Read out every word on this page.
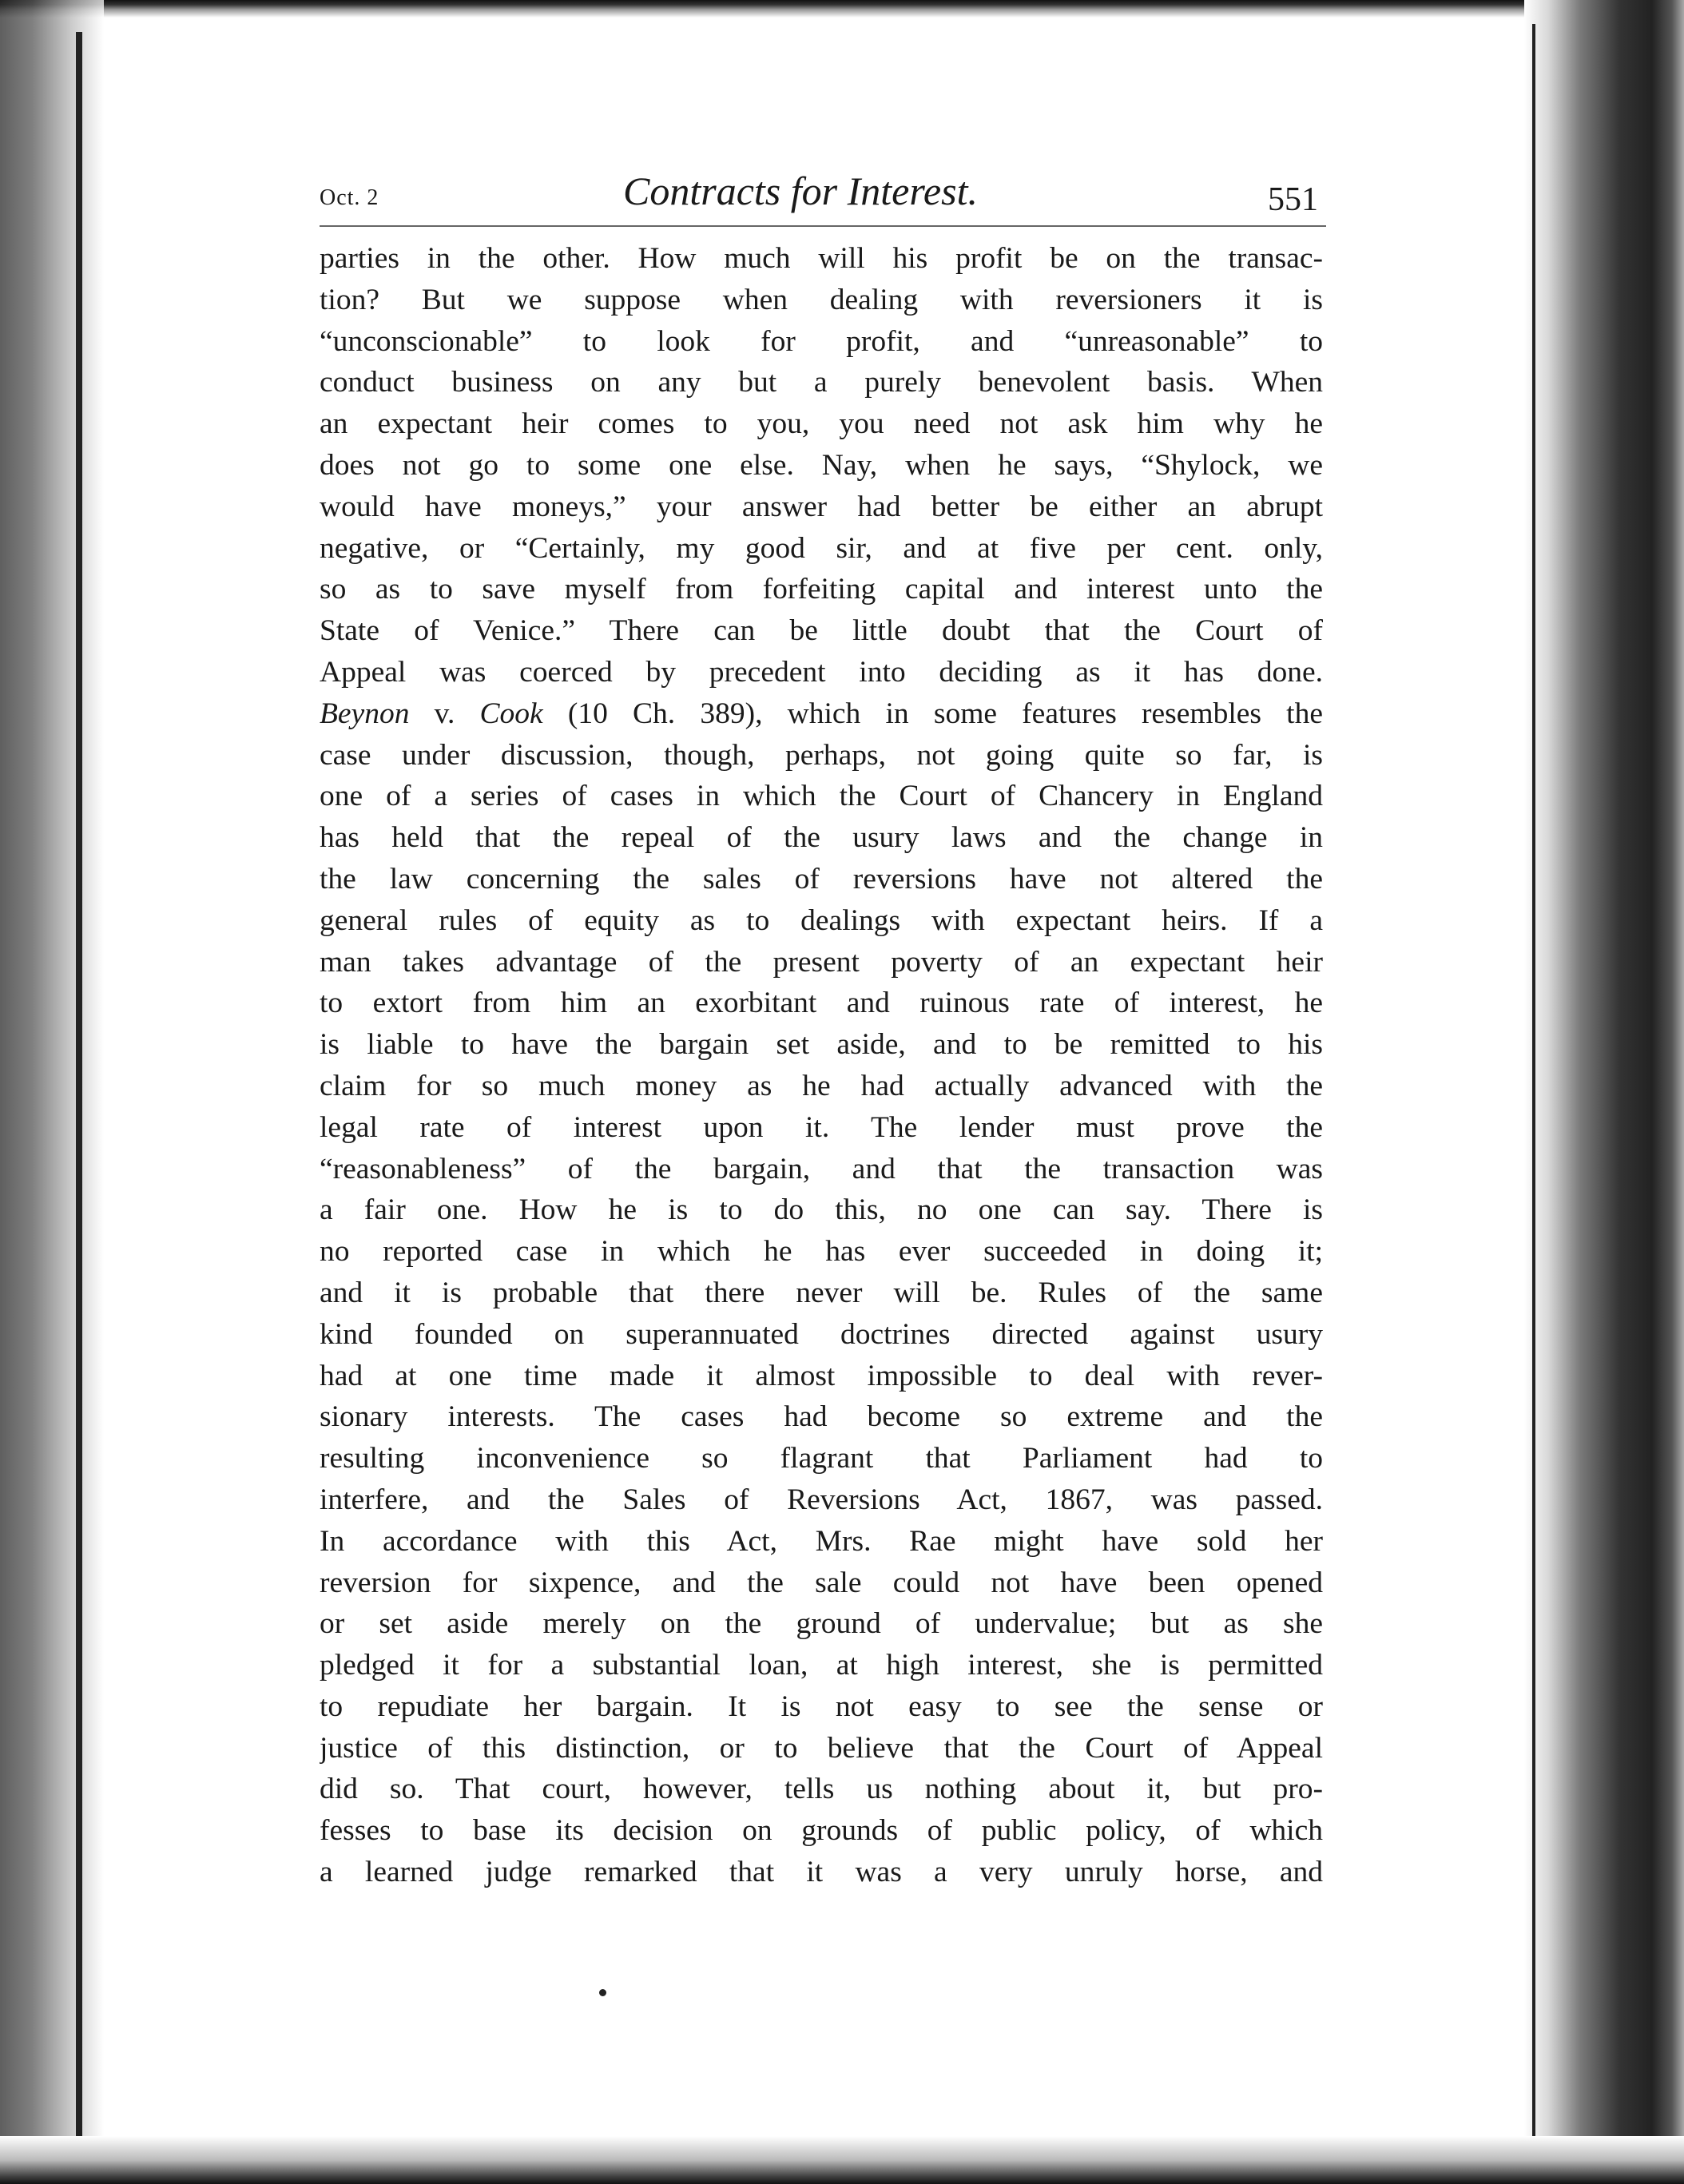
Oct. 2	Contracts for Interest.	551
parties in the other. How much will his profit be on the transac-
tion? But we suppose when dealing with reversioners it is
“unconscionable” to look for profit, and “unreasonable” to
conduct business on any but a purely benevolent basis. When
an expectant heir comes to you, you need not ask him why he
does not go to some one else. Nay, when he says, “Shylock, we
would have moneys,” your answer had better be either an abrupt
negative, or “Certainly, my good sir, and at five per cent. only,
so as to save myself from forfeiting capital and interest unto the
State of Venice.” There can be little doubt that the Court of
Appeal was coerced by precedent into deciding as it has done.
Beynon v. Cook (10 Ch. 389), which in some features resembles the
case under discussion, though, perhaps, not going quite so far, is
one of a series of cases in which the Court of Chancery in England
has held that the repeal of the usury laws and the change in
the law concerning the sales of reversions have not altered the
general rules of equity as to dealings with expectant heirs. If a
man takes advantage of the present poverty of an expectant heir
to extort from him an exorbitant and ruinous rate of interest, he
is liable to have the bargain set aside, and to be remitted to his
claim for so much money as he had actually advanced with the
legal rate of interest upon it. The lender must prove the
“reasonableness” of the bargain, and that the transaction was
a fair one. How he is to do this, no one can say. There is
no reported case in which he has ever succeeded in doing it;
and it is probable that there never will be. Rules of the same
kind founded on superannuated doctrines directed against usury
had at one time made it almost impossible to deal with rever-
sionary interests. The cases had become so extreme and the
resulting inconvenience so flagrant that Parliament had to
interfere, and the Sales of Reversions Act, 1867, was passed.
In accordance with this Act, Mrs. Rae might have sold her
reversion for sixpence, and the sale could not have been opened
or set aside merely on the ground of undervalue; but as she
pledged it for a substantial loan, at high interest, she is permitted
to repudiate her bargain. It is not easy to see the sense or
justice of this distinction, or to believe that the Court of Appeal
did so. That court, however, tells us nothing about it, but pro-
fesses to base its decision on grounds of public policy, of which
a learned judge remarked that it was a very unruly horse, and
